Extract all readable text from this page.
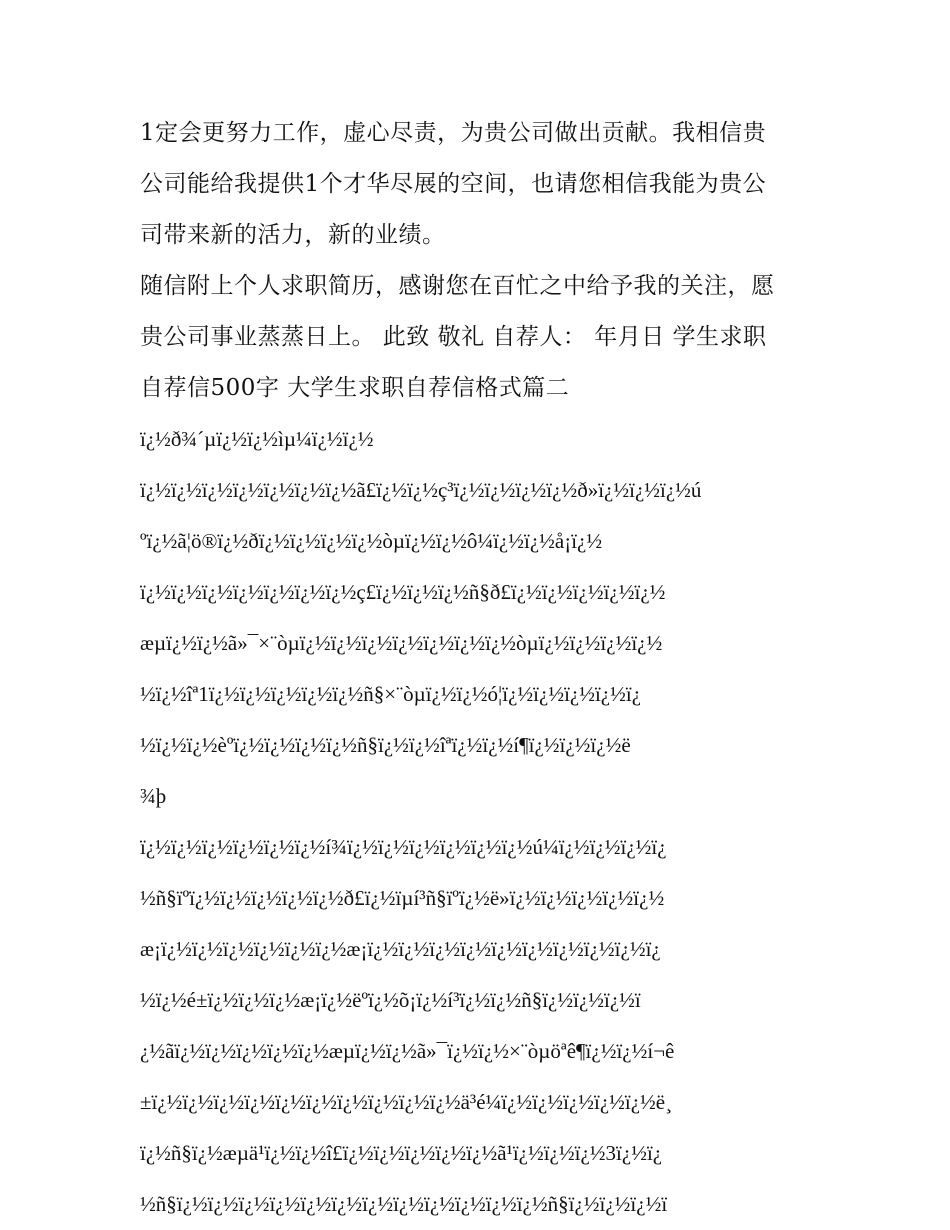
1定会更努力工作，虚心尽责，为贵公司做出贡献。我相信贵
公司能给我提供1个才华尽展的空间，也请您相信我能为贵公
司带来新的活力，新的业绩。
随信附上个人求职简历，感谢您在百忙之中给予我的关注，愿
贵公司事业蒸蒸日上。 此致 敬礼 自荐人： 年月日 学生求职
自荐信500字 大学生求职自荐信格式篇二
ï¿½ð¾´µï¿½ï¿½ìµ¼ï¿½ï¿½
ï¿½ï¿½ï¿½ï¿½ï¿½ï¿½ï¿½ã£ï¿½ï¿½ç³ï¿½ï¿½ï¿½ï¿½ð»ï¿½ï¿½ï¿½ú
ºï¿½ã¦ö®ï¿½ðï¿½ï¿½ï¿½ï¿½òµï¿½ï¿½ô¼ï¿½ï¿½å¡ï¿½
ï¿½ï¿½ï¿½ï¿½ï¿½ï¿½ï¿½ç£ï¿½ï¿½ï¿½ñ§ð£ï¿½ï¿½ï¿½ï¿½ï¿½
æµï¿½ï¿½ã»¯×¨òµï¿½ï¿½ï¿½ï¿½ï¿½ï¿½ï¿½òµï¿½ï¿½ï¿½ï¿½
½ï¿½îª1ï¿½ï¿½ï¿½ï¿½ï¿½ñ§×¨òµï¿½ï¿½ó¦ï¿½ï¿½ï¿½ï¿½ï¿
½ï¿½ï¿½èºï¿½ï¿½ï¿½ï¿½ñ§ï¿½ï¿½îªï¿½ï¿½í¶ï¿½ï¿½ï¿½ë
¾þ
ï¿½ï¿½ï¿½ï¿½ï¿½ï¿½í¾ï¿½ï¿½ï¿½ï¿½ï¿½ï¿½ú¼ï¿½ï¿½ï¿½ï¿
½ñ§ïºï¿½ï¿½ï¿½ï¿½ï¿½ð£ï¿½ïµí³ñ§ïºï¿½ë»ï¿½ï¿½ï¿½ï¿½ï¿½
æ¡ï¿½ï¿½ï¿½ï¿½ï¿½ï¿½æ¡ï¿½ï¿½ï¿½ï¿½ï¿½ï¿½ï¿½ï¿½ï¿½ï¿
½ï¿½é±ï¿½ï¿½ï¿½æ¡ï¿½ëºï¿½õ¡ï¿½í³ï¿½ï¿½ñ§ï¿½ï¿½ï¿½ï
¿½ãï¿½ï¿½ï¿½ï¿½ï¿½æµï¿½ï¿½ã»¯ï¿½ï¿½×¨òµöªê¶ï¿½ï¿½í¬ê
±ï¿½ï¿½ï¿½ï¿½ï¿½ï¿½ï¿½ï¿½ï¿½ï¿½ä³é¼ï¿½ï¿½ï¿½ï¿½ï¿½ë¸
ï¿½ñ§ï¿½æµä¹ï¿½ï¿½î£ï¿½ï¿½ï¿½ï¿½ï¿½ã¹ï¿½ï¿½ï¿½3ï¿½ï¿
½ñ§ï¿½ï¿½ï¿½ï¿½ï¿½ï¿½ï¿½ï¿½ï¿½ï¿½ï¿½ï¿½ñ§ï¿½ï¿½ï¿½ï
